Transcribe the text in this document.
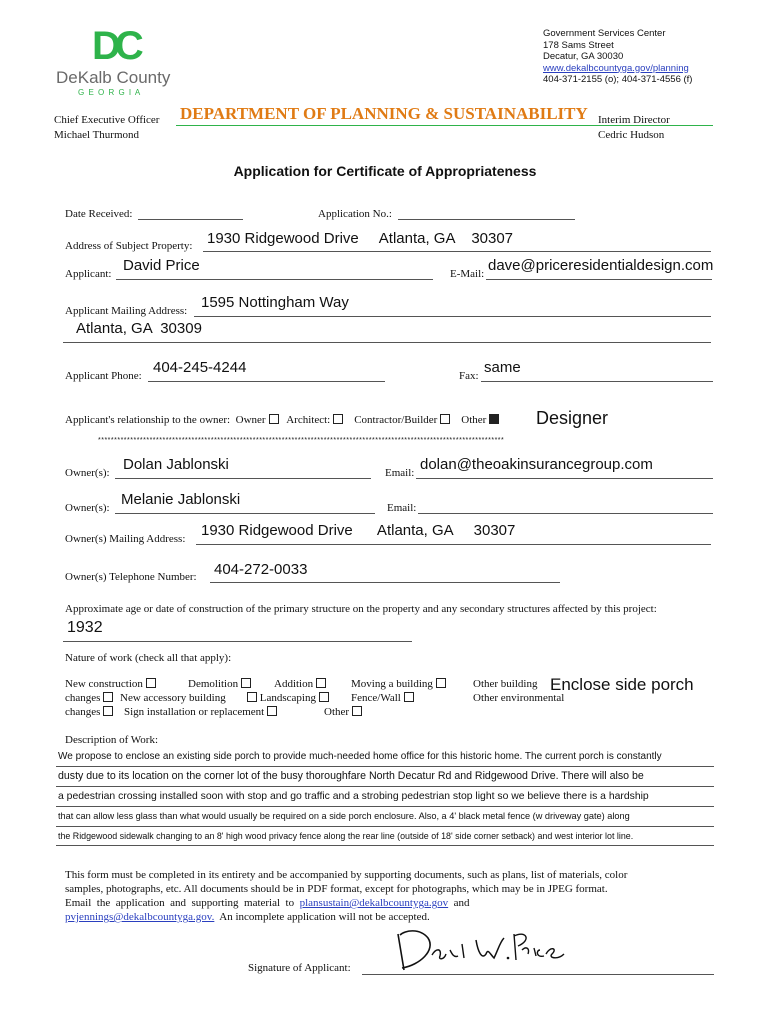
DC
DeKalb County
G E O R G I A
Government Services Center
178 Sams Street
Decatur, GA 30030
www.dekalbcountyga.gov/planning
404-371-2155 (o); 404-371-4556 (f)
Chief Executive Officer
Michael Thurmond
DEPARTMENT OF PLANNING & SUSTAINABILITY Interim Director
Cedric Hudson
Application for Certificate of Appropriateness
Date Received:	Application No.:
Address of Subject Property: 1930 Ridgewood Drive     Atlanta, GA    30307
Applicant: David Price	E-Mail: dave@priceresidentialdesign.com
Applicant Mailing Address: 1595 Nottingham Way
Atlanta, GA  30309
Applicant Phone: 404-245-4244	Fax: same
Applicant's relationship to the owner: Owner Architect: Contractor/Builder Other	Designer
******************************************************************************************************************************
Owner(s): Dolan Jablonski	Email: dolan@theoakinsurancegroup.com
Owner(s): Melanie Jablonski	Email:
Owner(s) Mailing Address: 1930 Ridgewood Drive      Atlanta, GA     30307
Owner(s) Telephone Number: 404-272-0033
Approximate age or date of construction of the primary structure on the property and any secondary structures affected by this project:
1932
Nature of work (check all that apply):
New construction	Demolition	Addition	Moving a building	Other building Enclose side porch
changes	New accessory building	Landscaping	Fence/Wall	Other environmental
changes	Sign installation or replacement	Other
Description of Work:
We propose to enclose an existing side porch to provide much-needed home office for this historic home. The current porch is constantly
dusty due to its location on the corner lot of the busy thoroughfare North Decatur Rd and Ridgewood Drive. There will also be
a pedestrian crossing installed soon with stop and go traffic and a strobing pedestrian stop light so we believe there is a hardship
that can allow less glass than what would usually be required on a side porch enclosure. Also, a 4' black metal fence (w driveway gate) along
the Ridgewood sidewalk changing to an 8' high wood privacy fence along the rear line (outside of 18' side corner setback) and west interior lot line.
This form must be completed in its entirety and be accompanied by supporting documents, such as plans, list of materials, color
samples, photographs, etc. All documents should be in PDF format, except for photographs, which may be in JPEG format.
Email  the  application  and  supporting  material  to plansustain@dekalbcountyga.gov and
pvjennings@dekalbcountyga.gov. An incomplete application will not be accepted.
Signature of Applicant:
